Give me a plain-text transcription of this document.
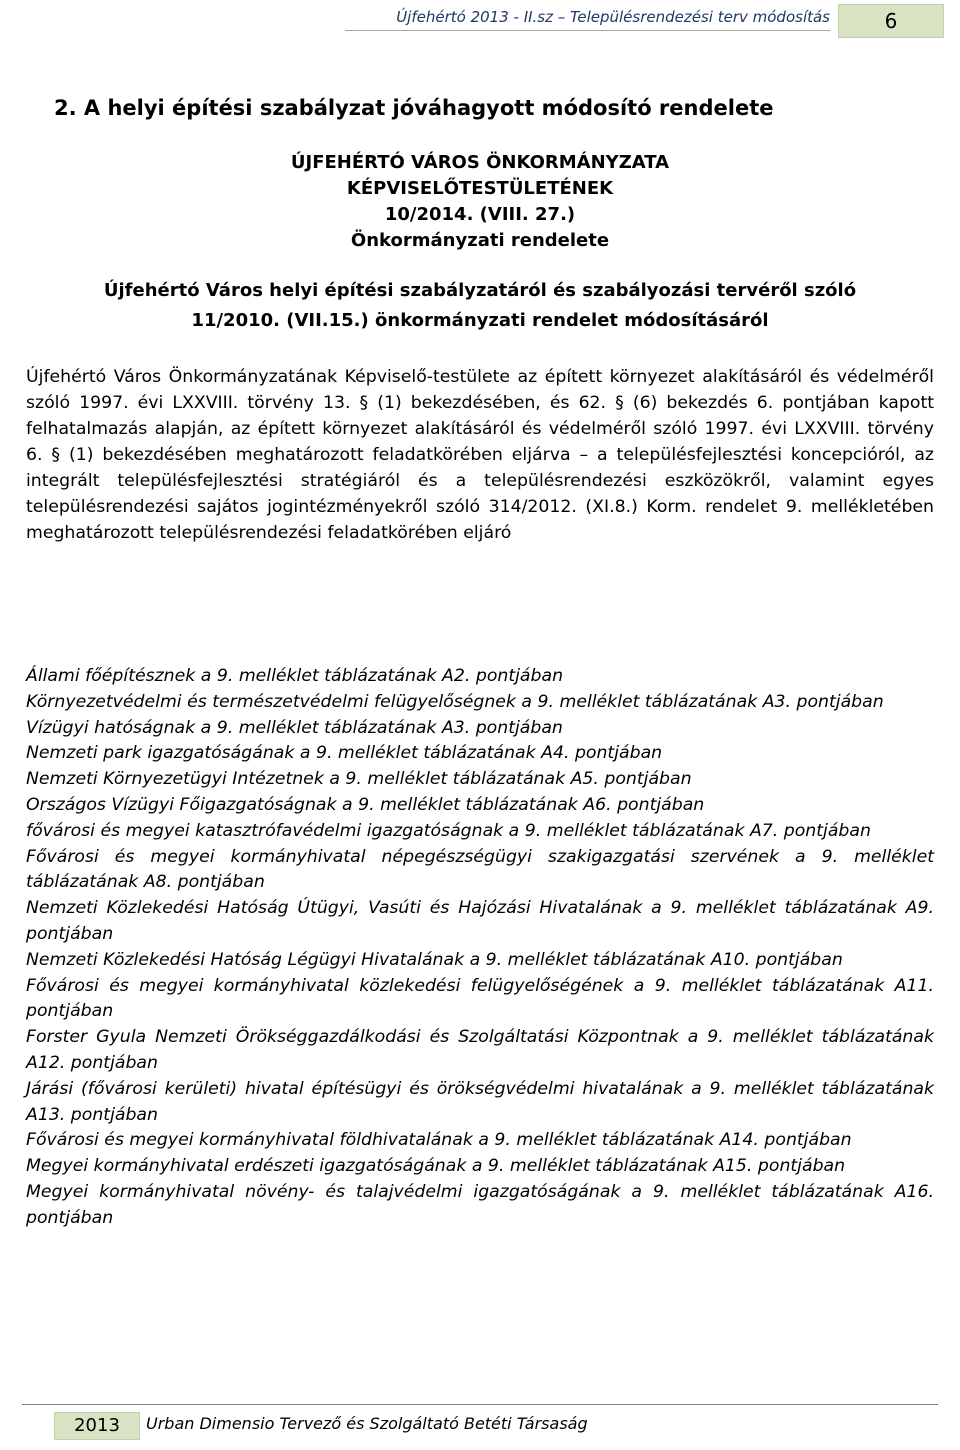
Újfehértó 2013 - II.sz – Településrendezési terv módosítás	6
2. A helyi építési szabályzat jóváhagyott módosító rendelete
ÚJFEHÉRTÓ VÁROS ÖNKORMÁNYZATA
KÉPVISELŐTESTÜLETÉNEK
10/2014. (VIII. 27.)
Önkormányzati rendelete
Újfehértó Város helyi építési szabályzatáról és szabályozási tervéről szóló
11/2010. (VII.15.) önkormányzati rendelet módosításáról
Újfehértó Város Önkormányzatának Képviselő-testülete az épített környezet alakításáról és védelméről szóló 1997. évi LXXVIII. törvény 13. § (1) bekezdésében, és 62. § (6) bekezdés 6. pontjában kapott felhatalmazás alapján, az épített környezet alakításáról és védelméről szóló 1997. évi LXXVIII. törvény 6. § (1) bekezdésében meghatározott feladatkörében eljárva – a településfejlesztési koncepcióról, az integrált településfejlesztési stratégiáról és a településrendezési eszközökről, valamint egyes településrendezési sajátos jogintézményekről szóló 314/2012. (XI.8.) Korm. rendelet 9. mellékletében meghatározott településrendezési feladatkörében eljáró

Állami főépítésznek a 9. melléklet táblázatának A2. pontjában

Környezetvédelmi és természetvédelmi felügyelőségnek a 9. melléklet táblázatának A3. pontjában

Vízügyi hatóságnak a 9. melléklet táblázatának A3. pontjában

Nemzeti park igazgatóságának a 9. melléklet táblázatának A4. pontjában

Nemzeti Környezetügyi Intézetnek a 9. melléklet táblázatának A5. pontjában

Országos Vízügyi Főigazgatóságnak a 9. melléklet táblázatának A6. pontjában

fővárosi és megyei katasztrófavédelmi igazgatóságnak a 9. melléklet táblázatának A7. pontjában

Fővárosi és megyei kormányhivatal népegészségügyi szakigazgatási szervének a 9. melléklet táblázatának A8. pontjában

Nemzeti Közlekedési Hatóság Útügyi, Vasúti és Hajózási Hivatalának a 9. melléklet táblázatának A9. pontjában

Nemzeti Közlekedési Hatóság Légügyi Hivatalának a 9. melléklet táblázatának A10. pontjában

Fővárosi és megyei kormányhivatal közlekedési felügyelőségének a 9. melléklet táblázatának A11. pontjában

Forster Gyula Nemzeti Örökséggazdálkodási és Szolgáltatási Központnak a 9. melléklet táblázatának A12. pontjában

Járási (fővárosi kerületi) hivatal építésügyi és örökségvédelmi hivatalának a 9. melléklet táblázatának A13. pontjában

Fővárosi és megyei kormányhivatal földhivatalának a 9. melléklet táblázatának A14. pontjában

Megyei kormányhivatal erdészeti igazgatóságának a 9. melléklet táblázatának A15. pontjában

Megyei kormányhivatal növény- és talajvédelmi igazgatóságának a 9. melléklet táblázatának A16. pontjában

2013	Urban Dimensio Tervező és Szolgáltató Betéti Társaság
